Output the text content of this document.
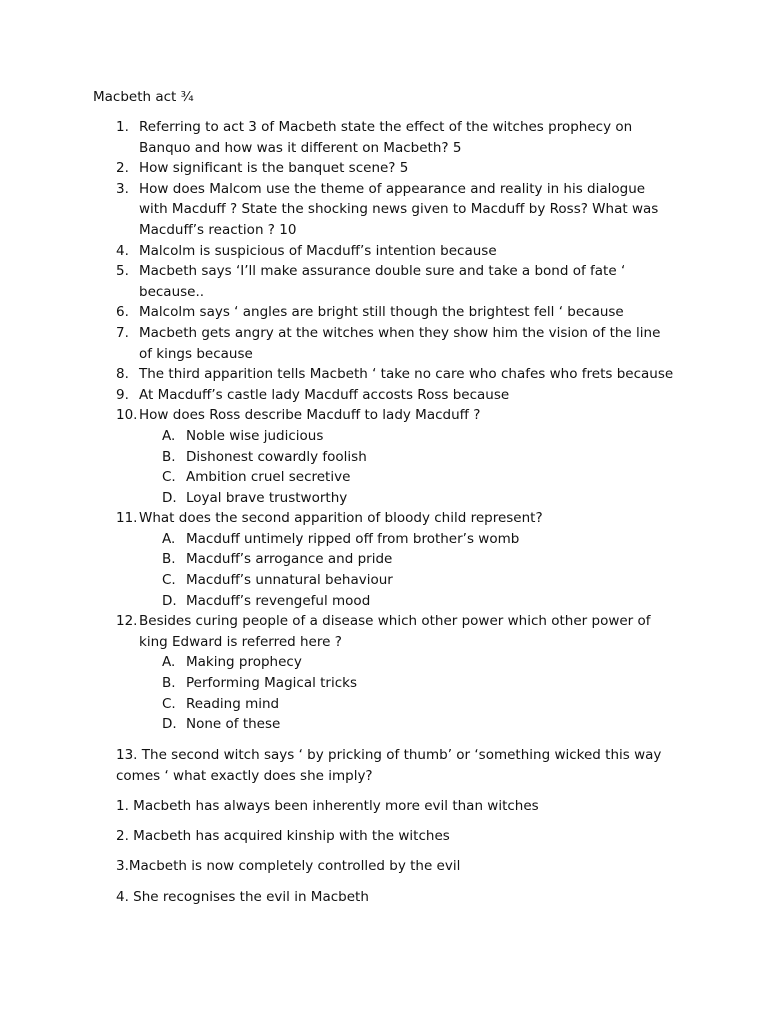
Macbeth act ¾

1. Referring to act 3 of Macbeth state the effect of the witches prophecy on Banquo and how was it different on Macbeth? 5
2. How significant is the banquet scene? 5
3. How does Malcom use the theme of appearance and reality in his dialogue with Macduff ? State the shocking news given to Macduff by Ross? What was Macduff’s reaction ? 10
4. Malcolm is suspicious of Macduff’s intention because
5. Macbeth says ‘I’ll make assurance double sure and take a bond of fate ‘ because..
6. Malcolm says ‘ angles are bright still though the brightest fell ‘ because
7. Macbeth gets angry at the witches when they show him the vision of the line of kings because
8. The third apparition tells Macbeth ‘ take no care who chafes who frets because
9. At Macduff’s castle lady Macduff accosts Ross because
10. How does Ross describe Macduff to lady Macduff ?
A. Noble wise judicious
B. Dishonest cowardly foolish
C. Ambition cruel secretive
D. Loyal brave trustworthy
11. What does the second apparition of bloody child represent?
A. Macduff untimely ripped off from brother’s womb
B. Macduff’s arrogance and pride
C. Macduff’s unnatural behaviour
D. Macduff’s revengeful mood
12. Besides curing people of a disease which other power which other power of king Edward is referred here ?
A. Making prophecy
B. Performing Magical tricks
C. Reading mind
D. None of these

13. The second witch says ‘ by pricking of thumb’ or ‘something wicked this way comes ‘ what exactly does she imply?

1. Macbeth has always been inherently more evil than witches

2. Macbeth has acquired kinship with the witches

3.Macbeth is now completely controlled by the evil

4. She recognises the evil in Macbeth
